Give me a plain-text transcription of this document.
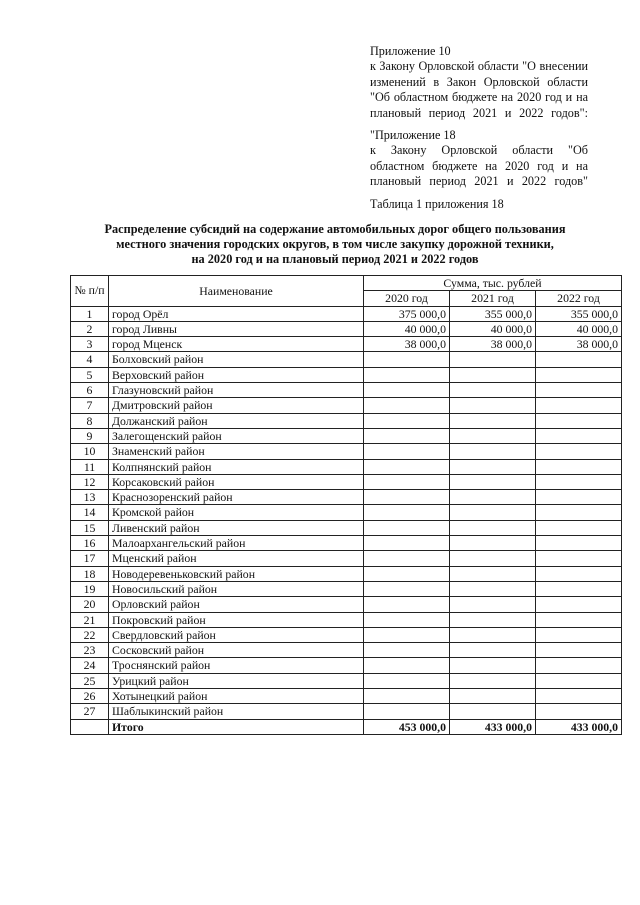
Приложение 10

к Закону Орловской области "О внесении изменений в Закон Орловской области "Об областном бюджете на 2020 год и на плановый период 2021 и 2022 годов":

"Приложение 18

к Закону Орловской области "Об областном бюджете на 2020 год и на плановый период 2021 и 2022 годов"

Таблица 1 приложения 18

Распределение субсидий на содержание автомобильных дорог общего пользования
местного значения городских округов, в том числе закупку дорожной техники,
на 2020 год и на плановый период 2021 и 2022 годов
№ п/п	Наименование	Сумма, тыс. рублей		
		2020 год	2021 год	2022 год
1	город Орёл	375 000,0	355 000,0	355 000,0
2	город Ливны	40 000,0	40 000,0	40 000,0
3	город Мценск	38 000,0	38 000,0	38 000,0
4	Болховский район			
5	Верховский район			
6	Глазуновский район			
7	Дмитровский район			
8	Должанский район			
9	Залегощенский район			
10	Знаменский район			
11	Колпнянский район			
12	Корсаковский район			
13	Краснозоренский район			
14	Кромской район			
15	Ливенский район			
16	Малоархангельский район			
17	Мценский район			
18	Новодеревеньковский район			
19	Новосильский район			
20	Орловский район			
21	Покровский район			
22	Свердловский район			
23	Сосковский район			
24	Троснянский район			
25	Урицкий район			
26	Хотынецкий район			
27	Шаблыкинский район			
	Итого	453 000,0	433 000,0	433 000,0
